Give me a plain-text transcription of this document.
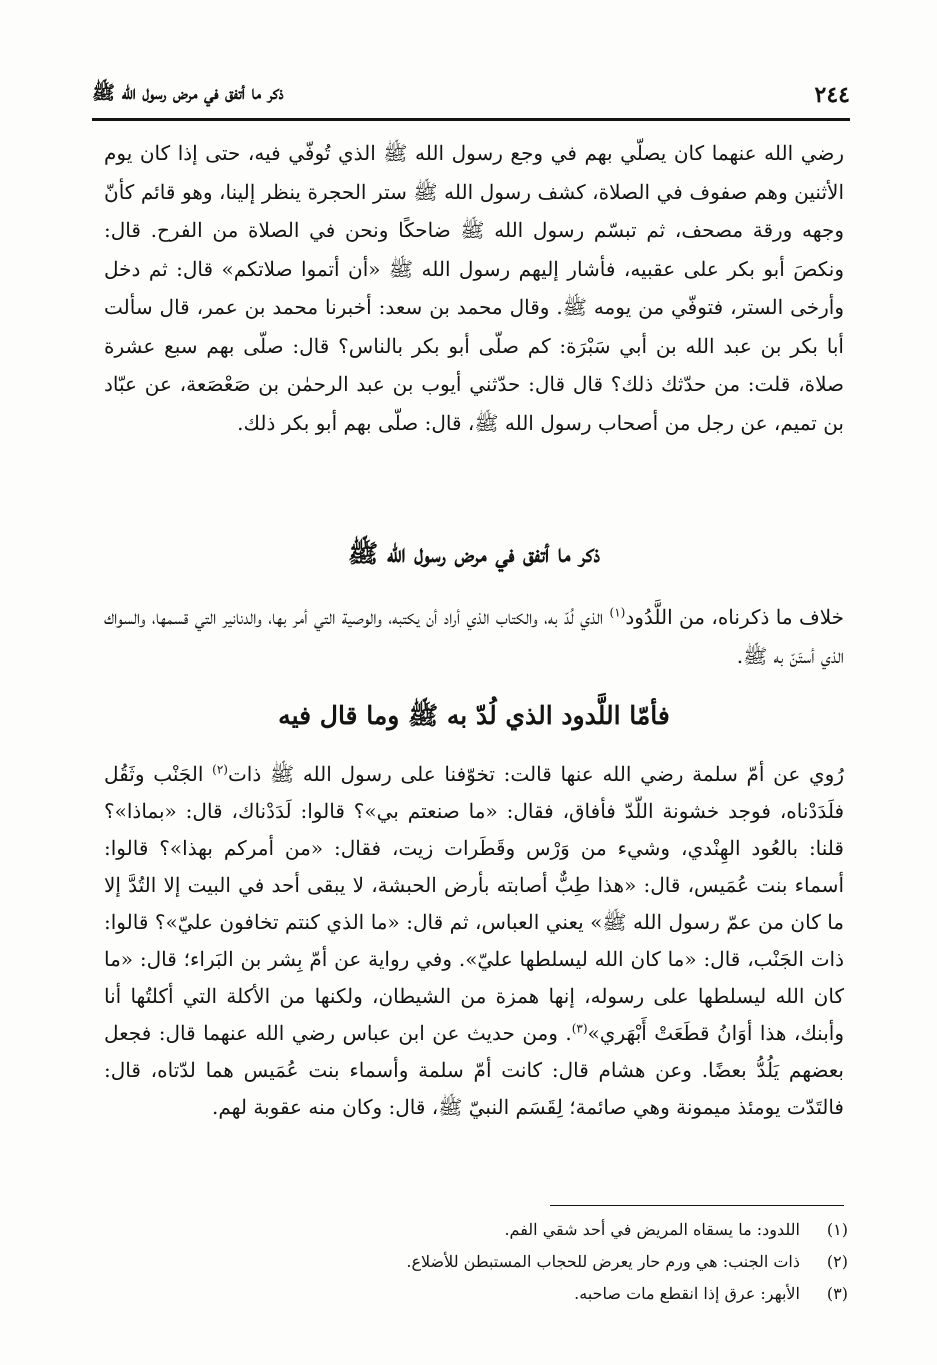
٢٤٤
ذكر ما أتفق في مرض رسول الله ﷺ

رضي الله عنهما كان يصلّي بهم في وجع رسول الله ﷺ الذي تُوفّي فيه، حتى إذا كان يوم الأثنين وهم صفوف في الصلاة، كشف رسول الله ﷺ ستر الحجرة ينظر إلينا، وهو قائم كأنّ وجهه ورقة مصحف، ثم تبسّم رسول الله ﷺ ضاحكًا ونحن في الصلاة من الفرح. قال: ونكصَ أبو بكر على عقبيه، فأشار إليهم رسول الله ﷺ «أن أتموا صلاتكم» قال: ثم دخل وأرخى الستر، فتوفّي من يومه ﷺ. وقال محمد بن سعد: أخبرنا محمد بن عمر، قال سألت أبا بكر بن عبد الله بن أبي سَبْرَة: كم صلّى أبو بكر بالناس؟ قال: صلّى بهم سبع عشرة صلاة، قلت: من حدّثك ذلك؟ قال قال: حدّثني أيوب بن عبد الرحمٰن بن صَعْصَعة، عن عبّاد بن تميم، عن رجل من أصحاب رسول الله ﷺ، قال: صلّى بهم أبو بكر ذلك.

ذكر ما أتفق في مرض رسول الله ﷺ

خلاف ما ذكرناه، من اللَّدُود$^{(١)}$ الذي لُدّ به، والكتاب الذي أراد أن يكتبه، والوصية التي أمر بها، والدنانير التي قسمها، والسواك الذي أستَنّ به ﷺ.

فأمّا اللَّدود الذي لُدّ به ﷺ وما قال فيه

رُوي عن أمّ سلمة رضي الله عنها قالت: تخوّفنا على رسول الله ﷺ ذات$^{(٢)}$ الجَنْب وثَقُل فلَدَدْناه، فوجد خشونة اللّدّ فأفاق، فقال: «ما صنعتم بي»؟ قالوا: لَدَدْناك، قال: «بماذا»؟ قلنا: بالعُود الهِنْدي، وشيء من وَرْس وقَطَرات زيت، فقال: «من أمركم بهذا»؟ قالوا: أسماء بنت عُمَيس، قال: «هذا طِبٌّ أصابته بأرض الحبشة، لا يبقى أحد في البيت إلا التُدَّ إلا ما كان من عمّ رسول الله ﷺ» يعني العباس، ثم قال: «ما الذي كنتم تخافون عليّ»؟ قالوا: ذات الجَنْب، قال: «ما كان الله ليسلطها عليّ». وفي رواية عن أمّ بِشر بن البَراء؛ قال: «ما كان الله ليسلطها على رسوله، إنها همزة من الشيطان، ولكنها من الأكلة التي أكلتُها أنا وأبنك، هذا أوَانُ قطَعَتْ أَبْهَري»$^{(٣)}$. ومن حديث عن ابن عباس رضي الله عنهما قال: فجعل بعضهم يَلُدُّ بعضًا. وعن هشام قال: كانت أمّ سلمة وأسماء بنت عُمَيس هما لدّتاه، قال: فالتَدّت يومئذ ميمونة وهي صائمة؛ لِقَسَم النبيّ ﷺ، قال: وكان منه عقوبة لهم.

(١)
اللدود: ما يسقاه المريض في أحد شقي الفم.
(٢)
ذات الجنب: هي ورم حار يعرض للحجاب المستبطن للأضلاع.
(٣)
الأبهر: عرق إذا انقطع مات صاحبه.
